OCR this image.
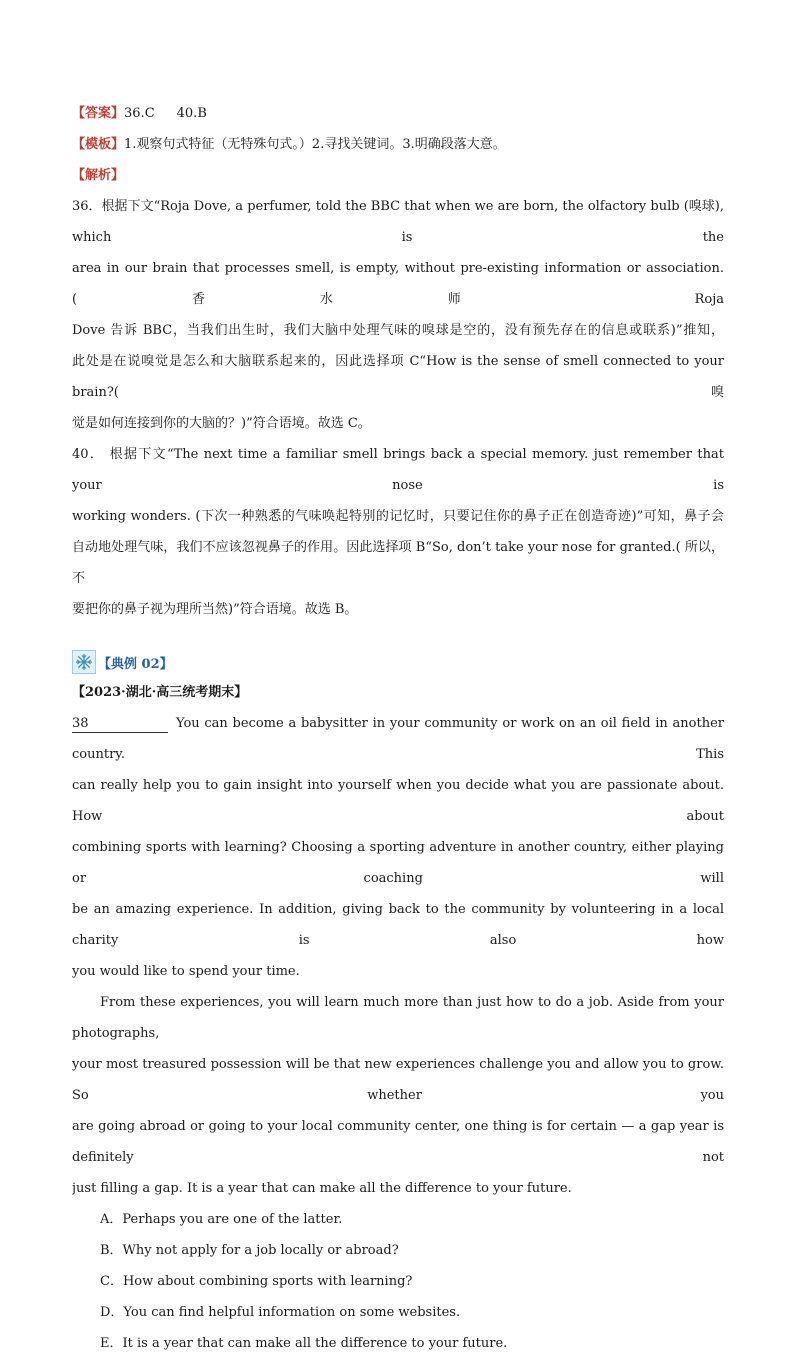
【答案】36.C 40.B
【模板】1.观察句式特征（无特殊句式。）2.寻找关键词。3.明确段落大意。
【解析】
36．根据下文“Roja Dove, a perfumer, told the BBC that when we are born, the olfactory bulb (嗅球), which is the
area in our brain that processes smell, is empty, without pre-existing information or association. (香水师 Roja
Dove 告诉 BBC，当我们出生时，我们大脑中处理气味的嗅球是空的，没有预先存在的信息或联系)”推知，
此处是在说嗅觉是怎么和大脑联系起来的，因此选择项 C“How is the sense of smell connected to your brain?(嗅
觉是如何连接到你的大脑的？)”符合语境。故选 C。
40． 根据下文“The next time a familiar smell brings back a special memory. just remember that your nose is
working wonders. (下次一种熟悉的气味唤起特别的记忆时，只要记住你的鼻子正在创造奇迹)”可知，鼻子会
自动地处理气味，我们不应该忽视鼻子的作用。因此选择项 B“So, don’t take your nose for granted.( 所以，不
要把你的鼻子视为理所当然)”符合语境。故选 B。
【典例 02】
【2023·湖北·高三统考期末】
38	You can become a babysitter in your community or work on an oil field in another country. This
can really help you to gain insight into yourself when you decide what you are passionate about. How about
combining sports with learning? Choosing a sporting adventure in another country, either playing or coaching will
be an amazing experience. In addition, giving back to the community by volunteering in a local charity is also how
you would like to spend your time.
From these experiences, you will learn much more than just how to do a job. Aside from your photographs,
your most treasured possession will be that new experiences challenge you and allow you to grow. So whether you
are going abroad or going to your local community center, one thing is for certain — a gap year is definitely not
just filling a gap. It is a year that can make all the difference to your future.
A．Perhaps you are one of the latter.
B．Why not apply for a job locally or abroad?
C．How about combining sports with learning?
D．You can find helpful information on some websites.
E．It is a year that can make all the difference to your future.
